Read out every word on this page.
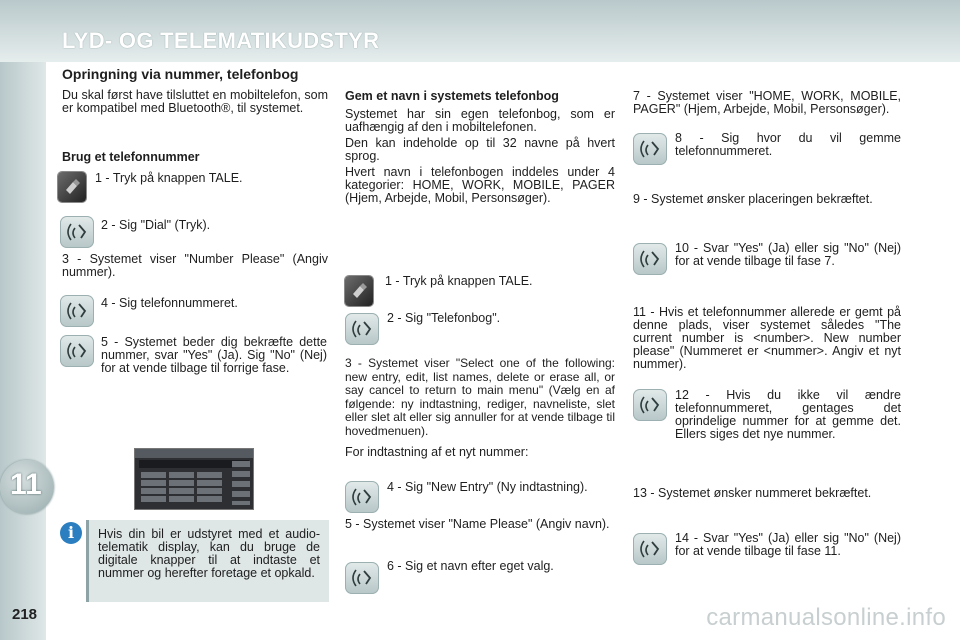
LYD- OG TELEMATIKUDSTYR
Opringning via nummer, telefonbog
11
218
Du skal først have tilsluttet en mobiltelefon, som er kompatibel med Bluetooth®, til systemet.
Brug et telefonnummer
1 - Tryk på knappen TALE.
2 - Sig "Dial" (Tryk).
3 - Systemet viser "Number Please" (Angiv nummer).
4 - Sig telefonnummeret.
5 - Systemet beder dig bekræfte dette nummer, svar "Yes" (Ja). Sig "No" (Nej) for at vende tilbage til forrige fase.
i	Hvis din bil er udstyret med et audio-telematik display, kan du bruge de digitale knapper til at indtaste et nummer og herefter foretage et opkald.
Gem et navn i systemets telefonbog
Systemet har sin egen telefonbog, som er uafhængig af den i mobiltelefonen.
Den kan indeholde op til 32 navne på hvert sprog.
Hvert navn i telefonbogen inddeles under 4 kategorier: HOME, WORK, MOBILE, PAGER (Hjem, Arbejde, Mobil, Personsøger).
1 - Tryk på knappen TALE.
2 - Sig "Telefonbog".
3 - Systemet viser "Select one of the following: new entry, edit, list names, delete or erase all, or say cancel to return to main menu" (Vælg en af følgende: ny indtastning, rediger, navneliste, slet eller slet alt eller sig annuller for at vende tilbage til hovedmenuen).
For indtastning af et nyt nummer:
4 - Sig "New Entry" (Ny indtastning).
5 - Systemet viser "Name Please" (Angiv navn).
6 - Sig et navn efter eget valg.
7 - Systemet viser "HOME, WORK, MOBILE, PAGER" (Hjem, Arbejde, Mobil, Personsøger).
8 - Sig hvor du vil gemme telefonnummeret.
9 - Systemet ønsker placeringen bekræftet.
10 - Svar "Yes" (Ja) eller sig "No" (Nej) for at vende tilbage til fase 7.
11 - Hvis et telefonnummer allerede er gemt på denne plads, viser systemet således "The current number is <number>. New number please" (Nummeret er <nummer>. Angiv et nyt nummer).
12 - Hvis du ikke vil ændre telefonnummeret, gentages det oprindelige nummer for at gemme det. Ellers siges det nye nummer.
13 - Systemet ønsker nummeret bekræftet.
14 - Svar "Yes" (Ja) eller sig "No" (Nej) for at vende tilbage til fase 11.
carmanualsonline.info
